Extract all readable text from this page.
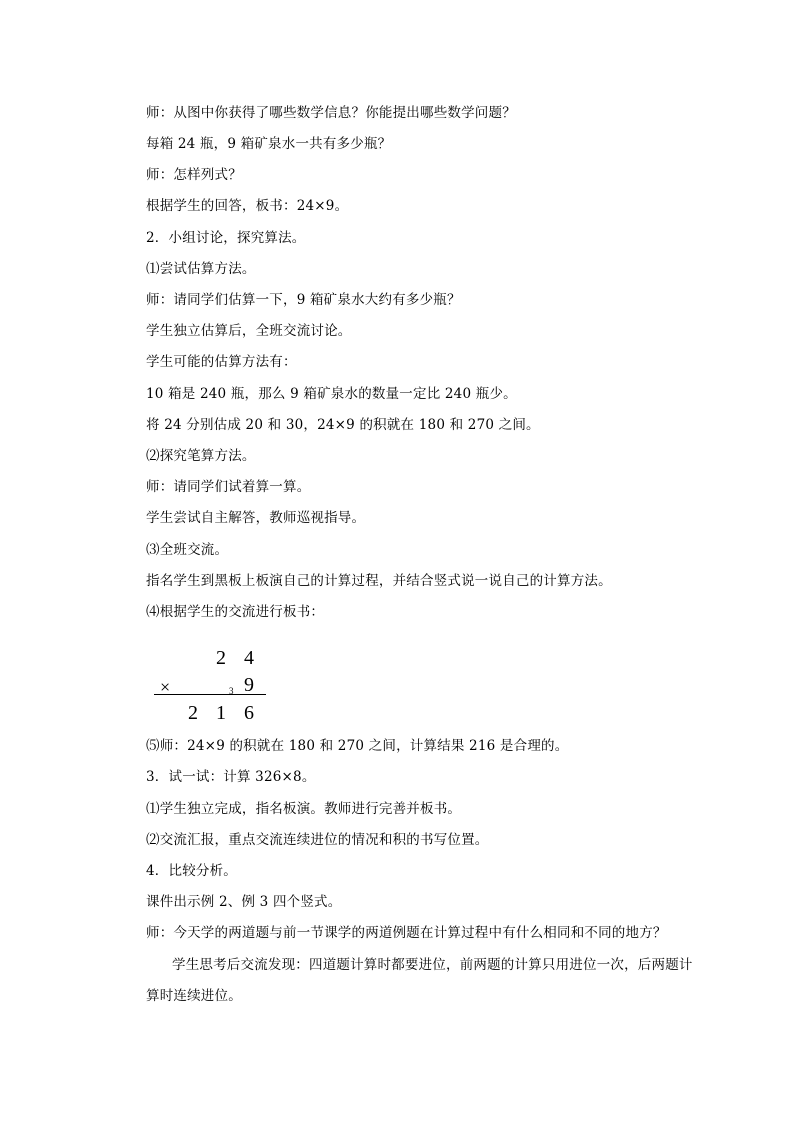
师：从图中你获得了哪些数学信息？你能提出哪些数学问题？
每箱 24 瓶，9 箱矿泉水一共有多少瓶？
师：怎样列式？
根据学生的回答，板书：24×9。
2．小组讨论，探究算法。
⑴尝试估算方法。
师：请同学们估算一下，9 箱矿泉水大约有多少瓶？
学生独立估算后，全班交流讨论。
学生可能的估算方法有：
10 箱是 240 瓶，那么 9 箱矿泉水的数量一定比 240 瓶少。
将 24 分别估成 20 和 30，24×9 的积就在 180 和 270 之间。
⑵探究笔算方法。
师：请同学们试着算一算。
学生尝试自主解答，教师巡视指导。
⑶全班交流。
指名学生到黑板上板演自己的计算过程，并结合竖式说一说自己的计算方法。
⑷根据学生的交流进行板书：
2 4
×	3 9
2 1 6
⑸师：24×9 的积就在 180 和 270 之间，计算结果 216 是合理的。
3．试一试：计算 326×8。
⑴学生独立完成，指名板演。教师进行完善并板书。
⑵交流汇报，重点交流连续进位的情况和积的书写位置。
4．比较分析。
课件出示例 2、例 3 四个竖式。
师：今天学的两道题与前一节课学的两道例题在计算过程中有什么相同和不同的地方？
学生思考后交流发现：四道题计算时都要进位，前两题的计算只用进位一次，后两题计
算时连续进位。
